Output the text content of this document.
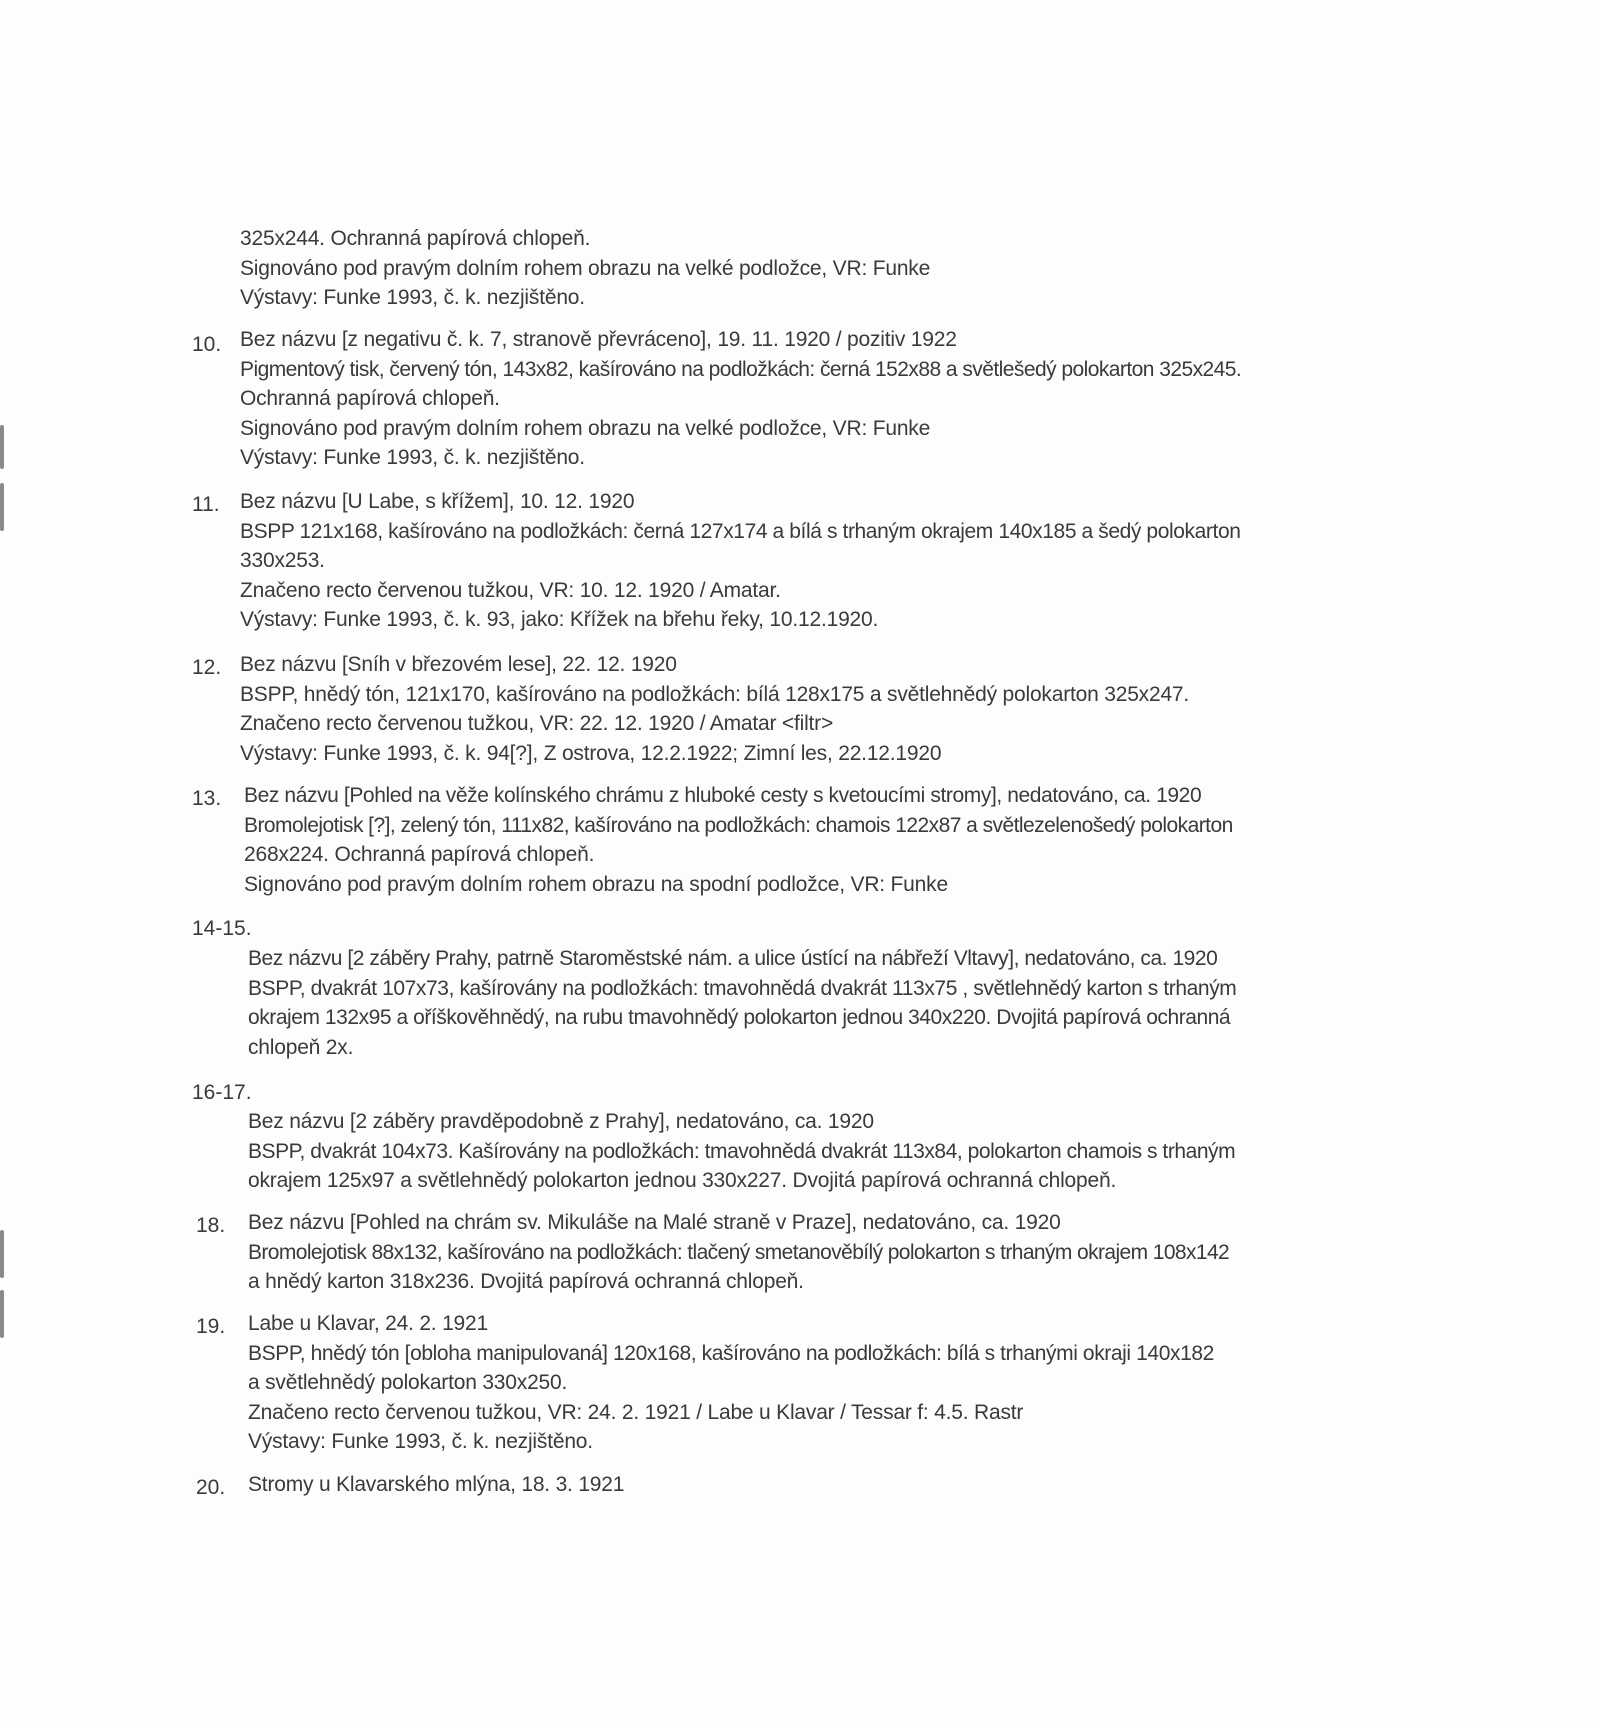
325x244. Ochranná papírová chlopeň.
Signováno pod pravým dolním rohem obrazu na velké podložce, VR: Funke
Výstavy: Funke 1993, č. k. nezjištěno.
10. Bez názvu [z negativu č. k. 7, stranově převráceno], 19. 11. 1920 / pozitiv 1922
Pigmentový tisk, červený tón, 143x82, kašírováno na podložkách: černá 152x88 a světlešedý polokarton 325x245.
Ochranná papírová chlopeň.
Signováno pod pravým dolním rohem obrazu na velké podložce, VR: Funke
Výstavy: Funke 1993, č. k. nezjištěno.
11. Bez názvu [U Labe, s křížem], 10. 12. 1920
BSPP 121x168, kašírováno na podložkách: černá 127x174 a bílá s trhaným okrajem 140x185 a šedý polokarton
330x253.
Značeno recto červenou tužkou, VR: 10. 12. 1920 / Amatar.
Výstavy: Funke 1993, č. k. 93, jako: Křížek na břehu řeky, 10.12.1920.
12. Bez názvu [Sníh v březovém lese], 22. 12. 1920
BSPP, hnědý tón, 121x170, kašírováno na podložkách: bílá 128x175 a světlehnědý polokarton 325x247.
Značeno recto červenou tužkou, VR: 22. 12. 1920 / Amatar <filtr>
Výstavy: Funke 1993, č. k. 94[?], Z ostrova, 12.2.1922; Zimní les, 22.12.1920
13. Bez názvu [Pohled na věže kolínského chrámu z hluboké cesty s kvetoucími stromy], nedatováno, ca. 1920
Bromolejotisk [?], zelený tón, 111x82, kašírováno na podložkách: chamois 122x87 a světlezelenošedý polokarton
268x224. Ochranná papírová chlopeň.
Signováno pod pravým dolním rohem obrazu na spodní podložce, VR: Funke
14-15.
Bez názvu [2 záběry Prahy, patrně Staroměstské nám. a ulice ústící na nábřeží Vltavy], nedatováno, ca. 1920
BSPP, dvakrát 107x73, kašírovány na podložkách: tmavohnědá dvakrát 113x75 , světlehnědý karton s trhaným
okrajem 132x95 a oříškověhnědý, na rubu tmavohnědý polokarton jednou 340x220. Dvojitá papírová ochranná
chlopeň 2x.
16-17.
Bez názvu [2 záběry pravděpodobně z Prahy], nedatováno, ca. 1920
BSPP, dvakrát 104x73. Kašírovány na podložkách: tmavohnědá dvakrát 113x84, polokarton chamois s trhaným
okrajem 125x97 a světlehnědý polokarton jednou 330x227. Dvojitá papírová ochranná chlopeň.
18. Bez názvu [Pohled na chrám sv. Mikuláše na Malé straně v Praze], nedatováno, ca. 1920
Bromolejotisk 88x132, kašírováno na podložkách: tlačený smetanověbílý polokarton s trhaným okrajem 108x142
a hnědý karton 318x236. Dvojitá papírová ochranná chlopeň.
19. Labe u Klavar, 24. 2. 1921
BSPP, hnědý tón [obloha manipulovaná] 120x168, kašírováno na podložkách: bílá s trhanými okraji 140x182
a světlehnědý polokarton 330x250.
Značeno recto červenou tužkou, VR: 24. 2. 1921 / Labe u Klavar / Tessar f: 4.5. Rastr
Výstavy: Funke 1993, č. k. nezjištěno.
20. Stromy u Klavarského mlýna, 18. 3. 1921
